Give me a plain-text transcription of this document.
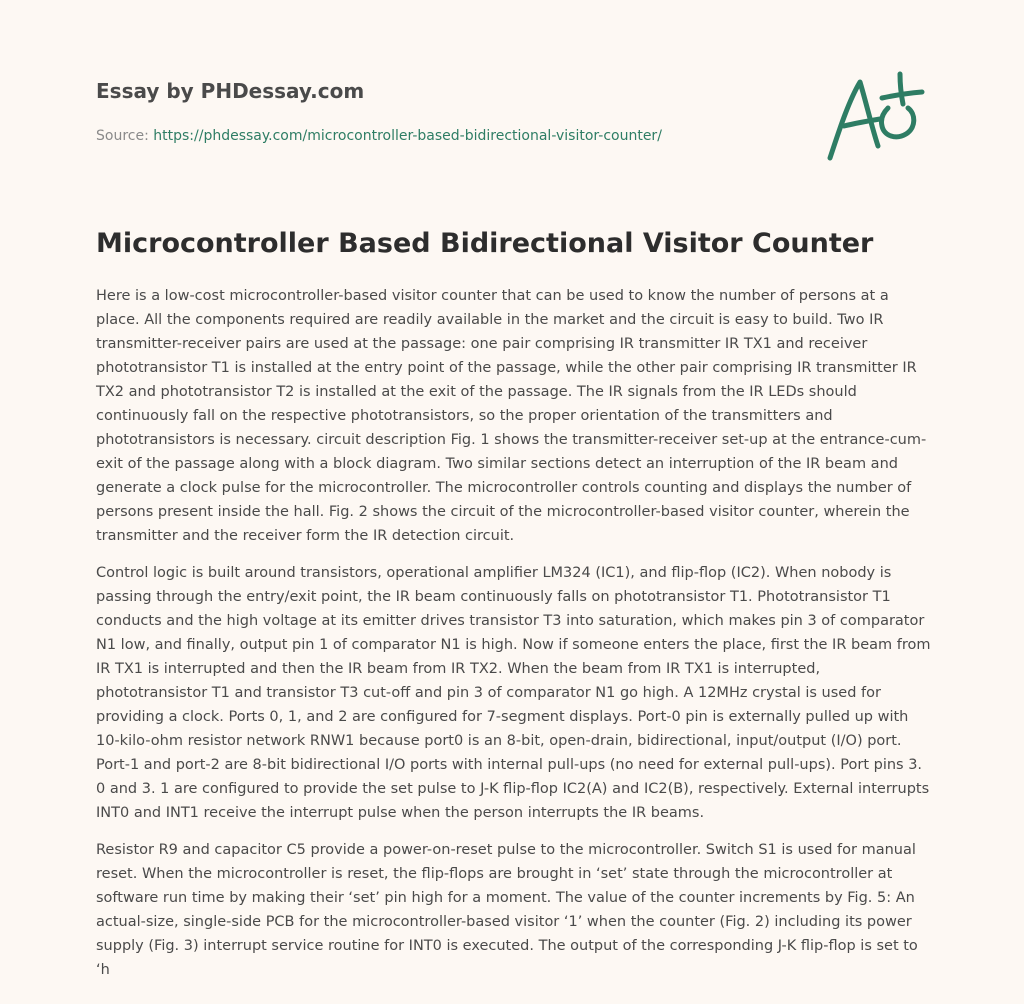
Essay by PHDessay.com
Source: https://phdessay.com/microcontroller-based-bidirectional-visitor-counter/
Microcontroller Based Bidirectional Visitor Counter

Here is a low-cost microcontroller-based visitor counter that can be used to know the number of persons at a place. All the components required are readily available in the market and the circuit is easy to build. Two IR transmitter-receiver pairs are used at the passage: one pair comprising IR transmitter IR TX1 and receiver phototransistor T1 is installed at the entry point of the passage, while the other pair comprising IR transmitter IR TX2 and phototransistor T2 is installed at the exit of the passage. The IR signals from the IR LEDs should continuously fall on the respective phototransistors, so the proper orientation of the transmitters and phototransistors is necessary. circuit description Fig. 1 shows the transmitter-receiver set-up at the entrance-cum-exit of the passage along with a block diagram. Two similar sections detect an interruption of the IR beam and generate a clock pulse for the microcontroller. The microcontroller controls counting and displays the number of persons present inside the hall. Fig. 2 shows the circuit of the microcontroller-based visitor counter, wherein the transmitter and the receiver form the IR detection circuit.

Control logic is built around transistors, operational amplifier LM324 (IC1), and flip-flop (IC2). When nobody is passing through the entry/exit point, the IR beam continuously falls on phototransistor T1. Phototransistor T1 conducts and the high voltage at its emitter drives transistor T3 into saturation, which makes pin 3 of comparator N1 low, and finally, output pin 1 of comparator N1 is high. Now if someone enters the place, first the IR beam from IR TX1 is interrupted and then the IR beam from IR TX2. When the beam from IR TX1 is interrupted, phototransistor T1 and transistor T3 cut-off and pin 3 of comparator N1 go high. A 12MHz crystal is used for providing a clock. Ports 0, 1, and 2 are configured for 7-segment displays. Port-0 pin is externally pulled up with 10-kilo-ohm resistor network RNW1 because port0 is an 8-bit, open-drain, bidirectional, input/output (I/O) port. Port-1 and port-2 are 8-bit bidirectional I/O ports with internal pull-ups (no need for external pull-ups). Port pins 3. 0 and 3. 1 are configured to provide the set pulse to J-K flip-flop IC2(A) and IC2(B), respectively. External interrupts INT0 and INT1 receive the interrupt pulse when the person interrupts the IR beams.

Resistor R9 and capacitor C5 provide a power-on-reset pulse to the microcontroller. Switch S1 is used for manual reset. When the microcontroller is reset, the flip-flops are brought in ‘set’ state through the microcontroller at software run time by making their ‘set’ pin high for a moment. The value of the counter increments by Fig. 5: An actual-size, single-side PCB for the microcontroller-based visitor ‘1’ when the counter (Fig. 2) including its power supply (Fig. 3) interrupt service routine for INT0 is executed. The output of the corresponding J-K flip-flop is set to ‘h
